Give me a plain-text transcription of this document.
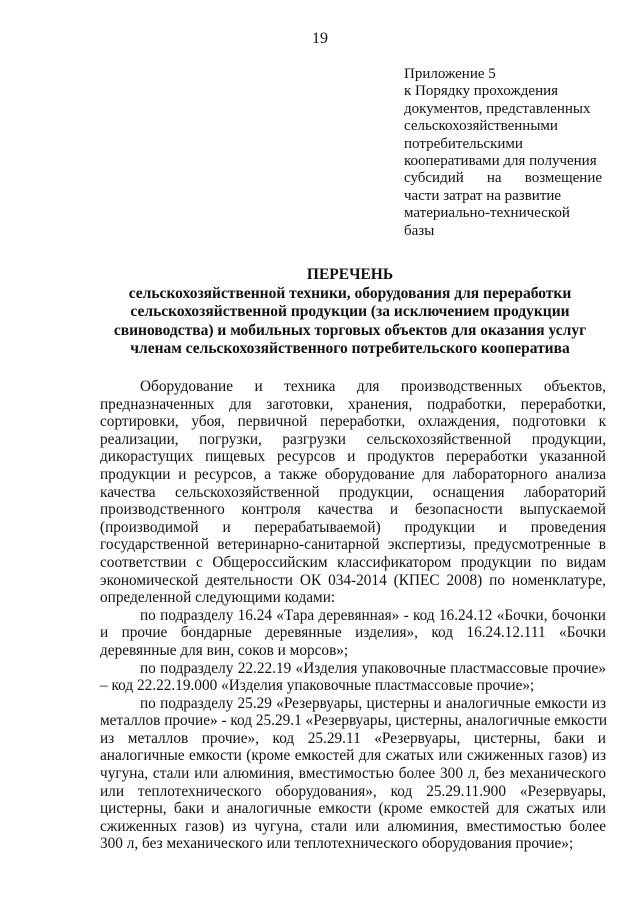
19
Приложение 5
к Порядку прохождения
документов, представленных
сельскохозяйственными
потребительскими
кооперативами для получения
субсидий на возмещение
части затрат на развитие
материально-технической
базы
ПЕРЕЧЕНЬ
сельскохозяйственной техники, оборудования для переработки
сельскохозяйственной продукции (за исключением продукции
свиноводства) и мобильных торговых объектов для оказания услуг
членам сельскохозяйственного потребительского кооператива
Оборудование и техника для производственных объектов,
предназначенных для заготовки, хранения, подработки, переработки,
сортировки, убоя, первичной переработки, охлаждения, подготовки к
реализации, погрузки, разгрузки сельскохозяйственной продукции,
дикорастущих пищевых ресурсов и продуктов переработки указанной
продукции и ресурсов, а также оборудование для лабораторного анализа
качества сельскохозяйственной продукции, оснащения лабораторий
производственного контроля качества и безопасности выпускаемой
(производимой и перерабатываемой) продукции и проведения
государственной ветеринарно-санитарной экспертизы, предусмотренные в
соответствии с Общероссийским классификатором продукции по видам
экономической деятельности ОК 034-2014 (КПЕС 2008) по номенклатуре,
определенной следующими кодами:
по подразделу 16.24 «Тара деревянная» - код 16.24.12 «Бочки, бочонки
и прочие бондарные деревянные изделия», код 16.24.12.111 «Бочки
деревянные для вин, соков и морсов»;
по подразделу 22.22.19 «Изделия упаковочные пластмассовые прочие»
– код 22.22.19.000 «Изделия упаковочные пластмассовые прочие»;
по подразделу 25.29 «Резервуары, цистерны и аналогичные емкости из
металлов прочие» - код 25.29.1 «Резервуары, цистерны, аналогичные емкости
из металлов прочие», код 25.29.11 «Резервуары, цистерны, баки и
аналогичные емкости (кроме емкостей для сжатых или сжиженных газов) из
чугуна, стали или алюминия, вместимостью более 300 л, без механического
или теплотехнического оборудования», код 25.29.11.900 «Резервуары,
цистерны, баки и аналогичные емкости (кроме емкостей для сжатых или
сжиженных газов) из чугуна, стали или алюминия, вместимостью более
300 л, без механического или теплотехнического оборудования прочие»;
